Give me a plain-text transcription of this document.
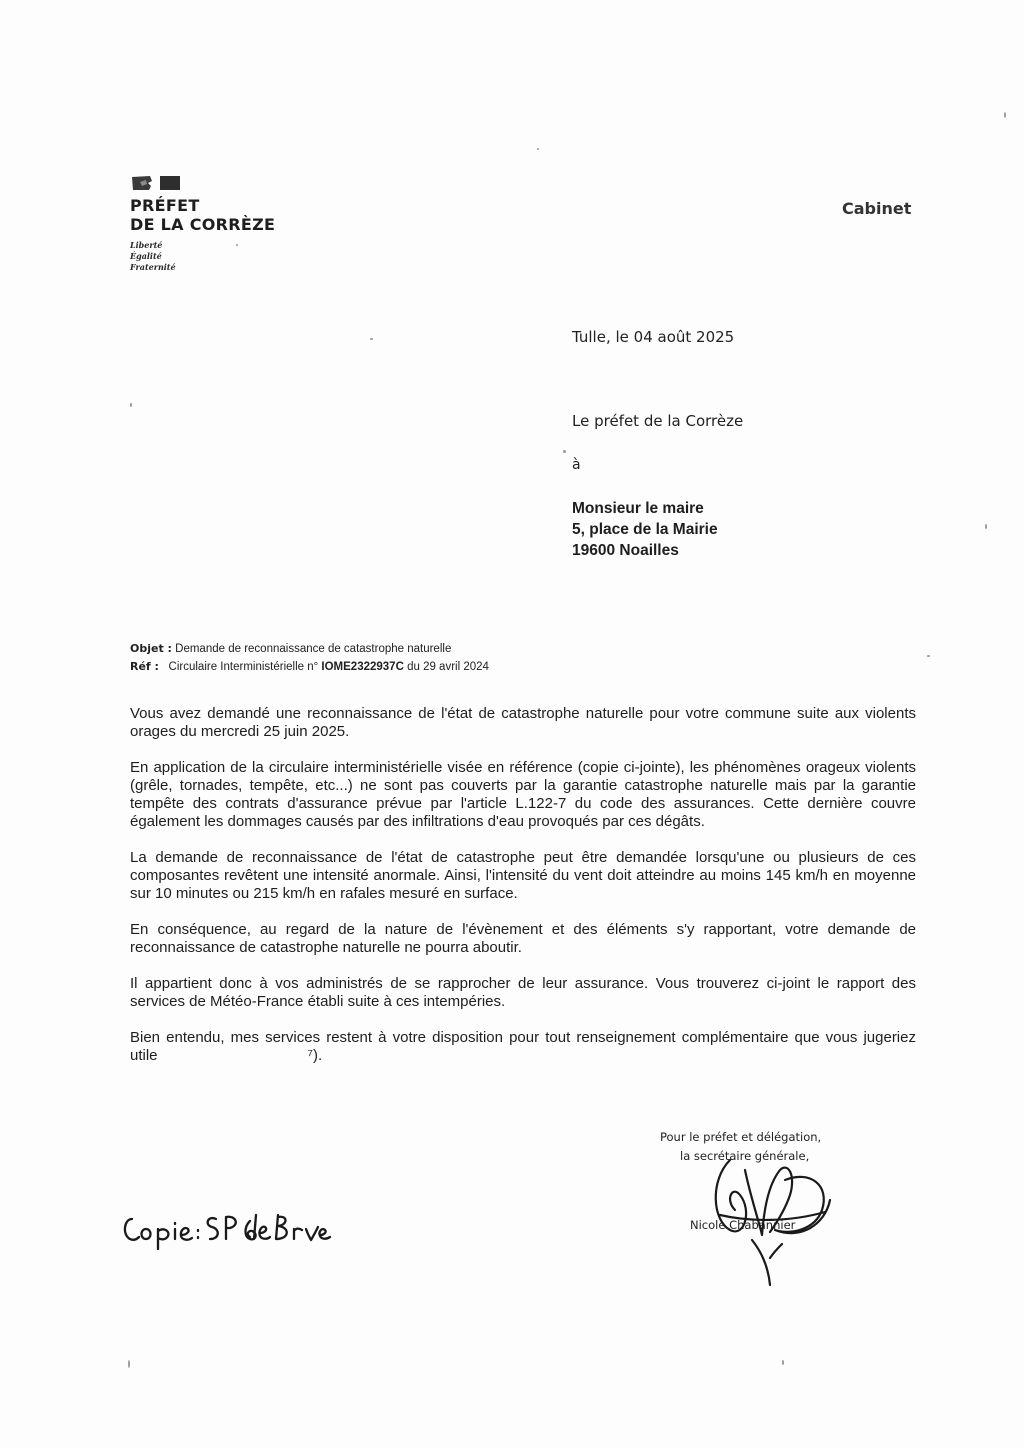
PRÉFET
DE LA CORRÈZE
Liberté
Égalité
Fraternité
Cabinet
Tulle, le 04 août 2025
Le préfet de la Corrèze
à
Monsieur le maire
5, place de la Mairie
19600 Noailles
Objet : Demande de reconnaissance de catastrophe naturelle
Réf : Circulaire Interministérielle n° IOME2322937C du 29 avril 2024

Vous avez demandé une reconnaissance de l'état de catastrophe naturelle pour votre commune suite aux violents orages du mercredi 25 juin 2025.

En application de la circulaire interministérielle visée en référence (copie ci-jointe), les phénomènes orageux violents (grêle, tornades, tempête, etc...) ne sont pas couverts par la garantie catastrophe naturelle mais par la garantie tempête des contrats d'assurance prévue par l'article L.122-7 du code des assurances. Cette dernière couvre également les dommages causés par des infiltrations d'eau provoqués par ces dégâts.

La demande de reconnaissance de l'état de catastrophe peut être demandée lorsqu'une ou plusieurs de ces composantes revêtent une intensité anormale. Ainsi, l'intensité du vent doit atteindre au moins 145 km/h en moyenne sur 10 minutes ou 215 km/h en rafales mesuré en surface.

En conséquence, au regard de la nature de l'évènement et des éléments s'y rapportant, votre demande de reconnaissance de catastrophe naturelle ne pourra aboutir.

Il appartient donc à vos administrés de se rapprocher de leur assurance. Vous trouverez ci-joint le rapport des services de Météo-France établi suite à ces intempéries.

Bien entendu, mes services restent à votre disposition pour tout renseignement complémentaire que vous jugeriez utile                                    ⁷).

Pour le préfet et délégation,
la secrétaire générale,
Nicole Chabannier
